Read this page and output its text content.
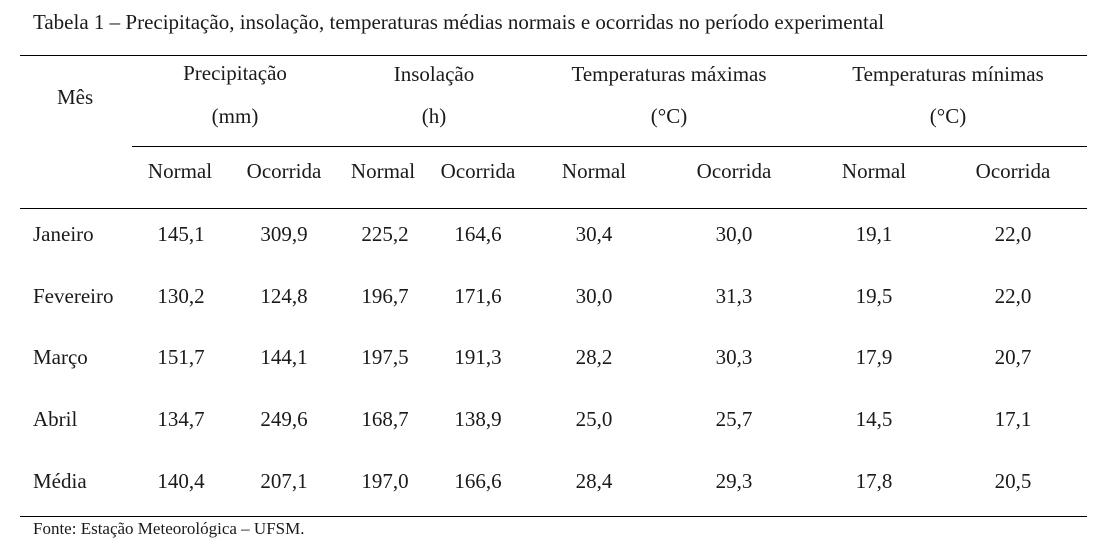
Tabela 1 – Precipitação, insolação, temperaturas médias normais e ocorridas no período experimental
Mês
Precipitação
(mm)
Insolação
(h)
Temperaturas máximas
(°C)
Temperaturas mínimas
(°C)
Normal Ocorrida Normal Ocorrida Normal	Ocorrida	Normal	Ocorrida
Janeiro	145,1	309,9	225,2 164,6	30,4	30,0	19,1	22,0
Fevereiro 130,2	124,8	196,7 171,6	30,0	31,3	19,5	22,0
Março	151,7	144,1	197,5 191,3	28,2	30,3	17,9	20,7
Abril	134,7	249,6	168,7 138,9	25,0	25,7	14,5	17,1
Média	140,4	207,1	197,0 166,6	28,4	29,3	17,8	20,5
Fonte: Estação Meteorológica – UFSM.
